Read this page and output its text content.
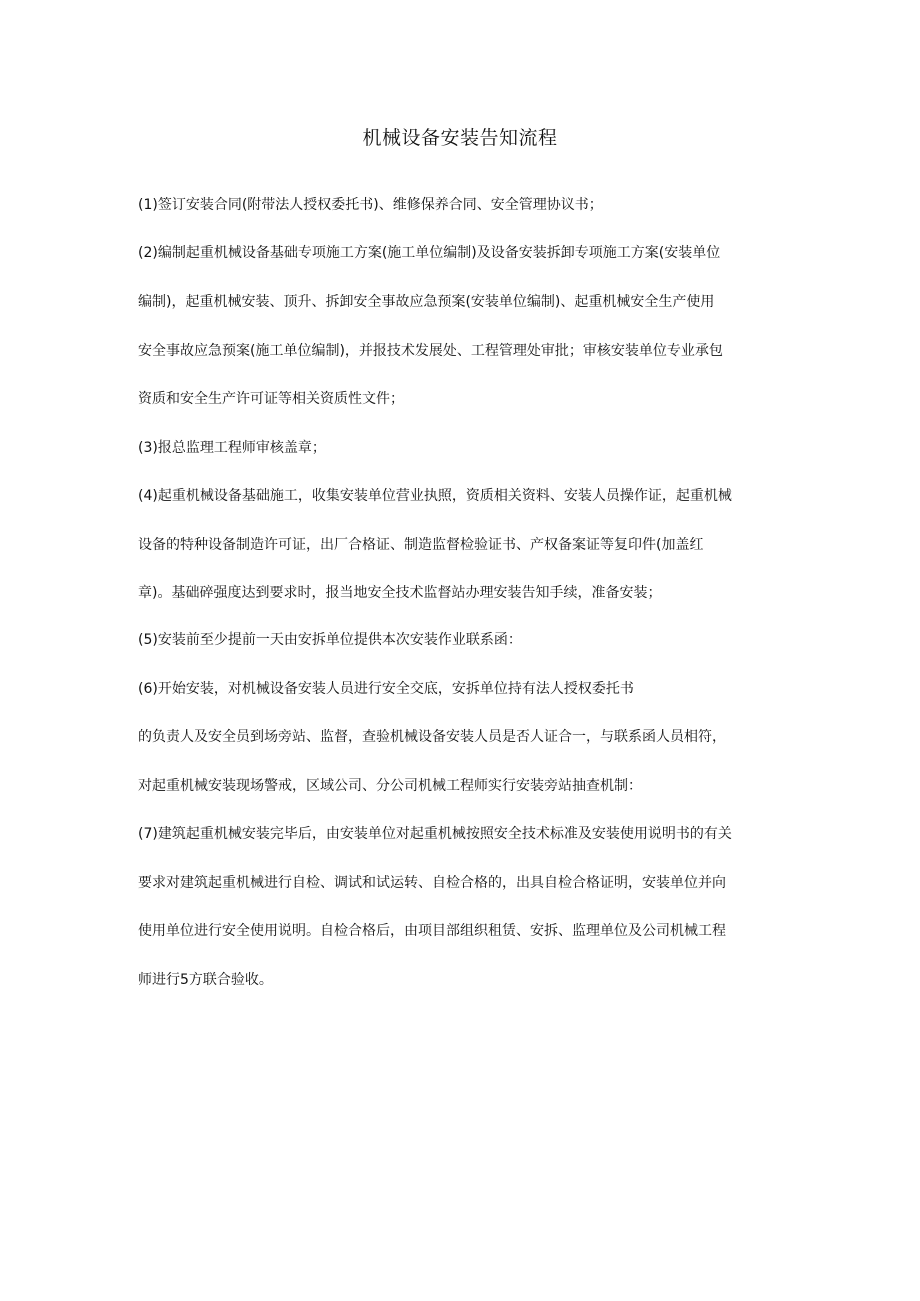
机械设备安装告知流程
(1)签订安装合同(附带法人授权委托书)、维修保养合同、安全管理协议书；
(2)编制起重机械设备基础专项施工方案(施工单位编制)及设备安装拆卸专项施工方案(安装单位
编制)，起重机械安装、顶升、拆卸安全事故应急预案(安装单位编制)、起重机械安全生产使用
安全事故应急预案(施工单位编制)，并报技术发展处、工程管理处审批；审核安装单位专业承包
资质和安全生产许可证等相关资质性文件；
(3)报总监理工程师审核盖章；
(4)起重机械设备基础施工，收集安装单位营业执照，资质相关资料、安装人员操作证，起重机械
设备的特种设备制造许可证，出厂合格证、制造监督检验证书、产权备案证等复印件(加盖红
章)。基础碎强度达到要求时，报当地安全技术监督站办理安装告知手续，准备安装；
(5)安装前至少提前一天由安拆单位提供本次安装作业联系函：
(6)开始安装，对机械设备安装人员进行安全交底，安拆单位持有法人授权委托书
的负责人及安全员到场旁站、监督，查验机械设备安装人员是否人证合一，与联系函人员相符，
对起重机械安装现场警戒，区域公司、分公司机械工程师实行安装旁站抽查机制：
(7)建筑起重机械安装完毕后，由安装单位对起重机械按照安全技术标准及安装使用说明书的有关
要求对建筑起重机械进行自检、调试和试运转、自检合格的，出具自检合格证明，安装单位并向
使用单位进行安全使用说明。自检合格后，由项目部组织租赁、安拆、监理单位及公司机械工程
师进行5方联合验收。
